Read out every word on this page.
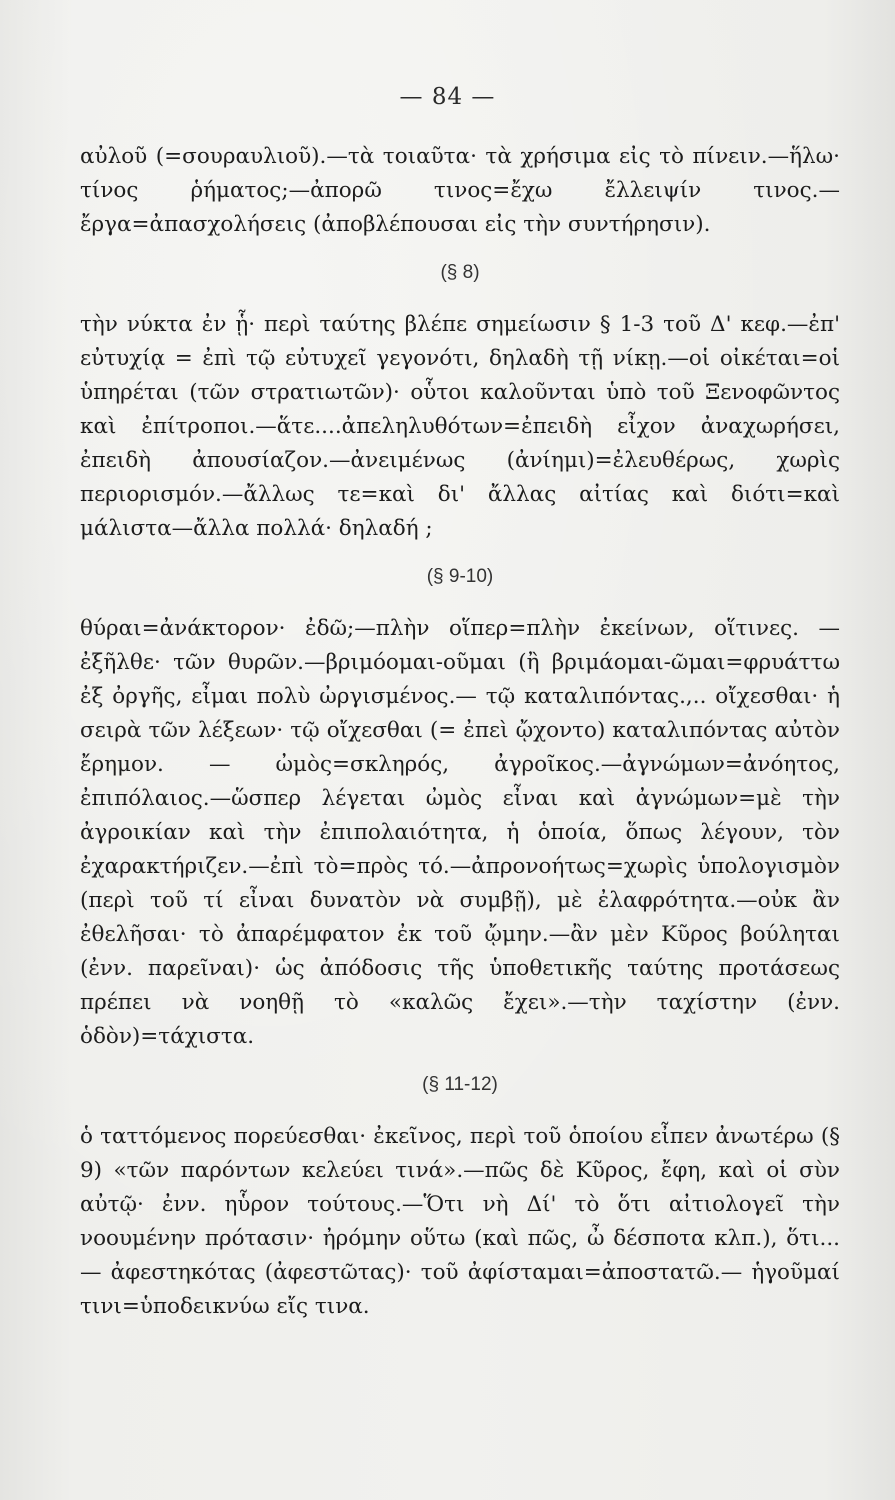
— 84 —

αὐλοῦ (=σουραυλιοῦ).—τὰ τοιαῦτα· τὰ χρήσιμα εἰς τὸ πίνειν.—ἥλω· τίνος ῥήματος;—ἀπορῶ τινος=ἔχω ἔλλειψίν τινος.—ἔργα=ἀπασχολήσεις (ἀποβλέπουσαι εἰς τὴν συντήρησιν).

(§ 8)

τὴν νύκτα ἐν ᾗ· περὶ ταύτης βλέπε σημείωσιν § 1-3 τοῦ Δ' κεφ.—ἐπ' εὐτυχίᾳ = ἐπὶ τῷ εὐτυχεῖ γεγονότι, δηλαδὴ τῇ νίκῃ.—οἱ οἰκέται=οἱ ὑπηρέται (τῶν στρατιωτῶν)· οὗτοι καλοῦνται ὑπὸ τοῦ Ξενοφῶντος καὶ ἐπίτροποι.—ἅτε....ἀπεληλυθότων=ἐπειδὴ εἶχον ἀναχωρήσει, ἐπειδὴ ἀπουσίαζον.—ἀνειμένως (ἀνίημι)=ἐλευθέρως, χωρὶς περιορισμόν.—ἄλλως τε=καὶ δι' ἄλλας αἰτίας καὶ διότι=καὶ μάλιστα—ἄλλα πολλά· δηλαδή ;

(§ 9-10)

θύραι=ἀνάκτορον· ἐδῶ;—πλὴν οἵπερ=πλὴν ἐκείνων, οἵτινες. — ἐξῆλθε· τῶν θυρῶν.—βριμόομαι-οῦμαι (ἢ βριμάομαι-ῶμαι=φρυάττω ἐξ ὀργῆς, εἶμαι πολὺ ὠργισμένος.— τῷ καταλιπόντας.,.. οἴχεσθαι· ἡ σειρὰ τῶν λέξεων· τῷ οἴχεσθαι (= ἐπεὶ ᾤχοντο) καταλιπόντας αὐτὸν ἔρημον. — ὠμὸς=σκληρός, ἀγροῖκος.—ἀγνώμων=ἀνόητος, ἐπιπόλαιος.—ὥσπερ λέγεται ὠμὸς εἶναι καὶ ἀγνώμων=μὲ τὴν ἀγροικίαν καὶ τὴν ἐπιπολαιότητα, ἡ ὁποία, ὅπως λέγουν, τὸν ἐχαρακτήριζεν.—ἐπὶ τὸ=πρὸς τό.—ἀπρονοήτως=χωρὶς ὑπολογισμὸν (περὶ τοῦ τί εἶναι δυνατὸν νὰ συμβῇ), μὲ ἐλαφρότητα.—οὐκ ἂν ἐθελῆσαι· τὸ ἀπαρέμφατον ἐκ τοῦ ᾤμην.—ἂν μὲν Κῦρος βούληται (ἐνν. παρεῖναι)· ὡς ἀπόδοσις τῆς ὑποθετικῆς ταύτης προτάσεως πρέπει νὰ νοηθῇ τὸ «καλῶς ἔχει».—τὴν ταχίστην (ἐνν. ὁδὸν)=τάχιστα.

(§ 11-12)

ὁ ταττόμενος πορεύεσθαι· ἐκεῖνος, περὶ τοῦ ὁποίου εἶπεν ἀνωτέρω (§ 9) «τῶν παρόντων κελεύει τινά».—πῶς δὲ Κῦρος, ἔφη, καὶ οἱ σὺν αὐτῷ· ἐνν. ηὗρον τούτους.—Ὅτι νὴ Δί' τὸ ὅτι αἰτιολογεῖ τὴν νοουμένην πρότασιν· ἠρόμην οὕτω (καὶ πῶς, ὦ δέσποτα κλπ.), ὅτι... — ἀφεστηκότας (ἀφεστῶτας)· τοῦ ἀφίσταμαι=ἀποστατῶ.— ἡγοῦμαί τινι=ὑποδεικνύω εἴς τινα.
